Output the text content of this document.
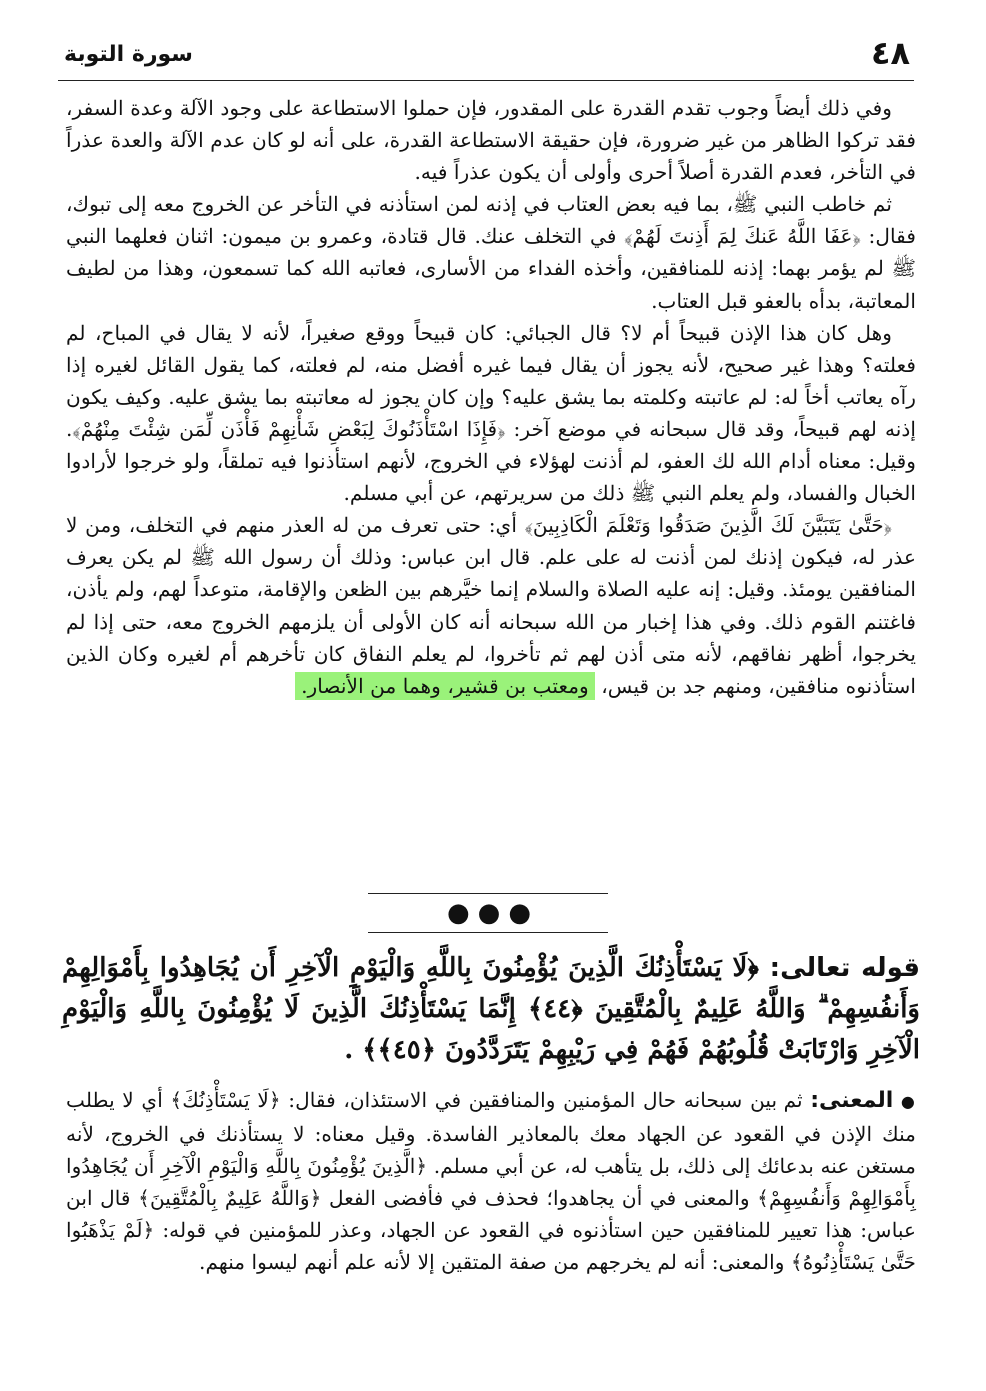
٤٨
سورة التوبة

وفي ذلك أيضاً وجوب تقدم القدرة على المقدور، فإن حملوا الاستطاعة على وجود الآلة وعدة السفر، فقد تركوا الظاهر من غير ضرورة، فإن حقيقة الاستطاعة القدرة، على أنه لو كان عدم الآلة والعدة عذراً في التأخر، فعدم القدرة أصلاً أحرى وأولى أن يكون عذراً فيه.

ثم خاطب النبي ﷺ، بما فيه بعض العتاب في إذنه لمن استأذنه في التأخر عن الخروج معه إلى تبوك، فقال: ﴿عَفَا اللَّهُ عَنكَ لِمَ أَذِنتَ لَهُمْ﴾ في التخلف عنك. قال قتادة، وعمرو بن ميمون: اثنان فعلهما النبي ﷺ لم يؤمر بهما: إذنه للمنافقين، وأخذه الفداء من الأسارى، فعاتبه الله كما تسمعون، وهذا من لطيف المعاتبة، بدأه بالعفو قبل العتاب.

وهل كان هذا الإذن قبيحاً أم لا؟ قال الجبائي: كان قبيحاً ووقع صغيراً، لأنه لا يقال في المباح، لم فعلته؟ وهذا غير صحيح، لأنه يجوز أن يقال فيما غيره أفضل منه، لم فعلته، كما يقول القائل لغيره إذا رآه يعاتب أخاً له: لم عاتبته وكلمته بما يشق عليه؟ وإن كان يجوز له معاتبته بما يشق عليه. وكيف يكون إذنه لهم قبيحاً، وقد قال سبحانه في موضع آخر: ﴿فَإِذَا اسْتَأْذَنُوكَ لِبَعْضِ شَأْنِهِمْ فَأْذَن لِّمَن شِئْتَ مِنْهُمْ﴾. وقيل: معناه أدام الله لك العفو، لم أذنت لهؤلاء في الخروج، لأنهم استأذنوا فيه تملقاً، ولو خرجوا لأرادوا الخبال والفساد، ولم يعلم النبي ﷺ ذلك من سريرتهم، عن أبي مسلم.

﴿حَتَّىٰ يَتَبَيَّنَ لَكَ الَّذِينَ صَدَقُوا وَتَعْلَمَ الْكَاذِبِينَ﴾ أي: حتى تعرف من له العذر منهم في التخلف، ومن لا عذر له، فيكون إذنك لمن أذنت له على علم. قال ابن عباس: وذلك أن رسول الله ﷺ لم يكن يعرف المنافقين يومئذ. وقيل: إنه عليه الصلاة والسلام إنما خيَّرهم بين الظعن والإقامة، متوعداً لهم، ولم يأذن، فاغتنم القوم ذلك. وفي هذا إخبار من الله سبحانه أنه كان الأولى أن يلزمهم الخروج معه، حتى إذا لم يخرجوا، أظهر نفاقهم، لأنه متى أذن لهم ثم تأخروا، لم يعلم النفاق كان تأخرهم أم لغيره وكان الذين استأذنوه منافقين، ومنهم جد بن قيس، ومعتب بن قشير، وهما من الأنصار.

●●●
قوله تعالى: ﴿لَا يَسْتَأْذِنُكَ الَّذِينَ يُؤْمِنُونَ بِاللَّهِ وَالْيَوْمِ الْآخِرِ أَن يُجَاهِدُوا بِأَمْوَالِهِمْ وَأَنفُسِهِمْ ۗ وَاللَّهُ عَلِيمٌ بِالْمُتَّقِينَ ﴿٤٤﴾ إِنَّمَا يَسْتَأْذِنُكَ الَّذِينَ لَا يُؤْمِنُونَ بِاللَّهِ وَالْيَوْمِ الْآخِرِ وَارْتَابَتْ قُلُوبُهُمْ فَهُمْ فِي رَيْبِهِمْ يَتَرَدَّدُونَ ﴿٤٥﴾﴾ .

● المعنى: ثم بين سبحانه حال المؤمنين والمنافقين في الاستئذان، فقال: ﴿لَا يَسْتَأْذِنُكَ﴾ أي لا يطلب منك الإذن في القعود عن الجهاد معك بالمعاذير الفاسدة. وقيل معناه: لا يستأذنك في الخروج، لأنه مستغن عنه بدعائك إلى ذلك، بل يتأهب له، عن أبي مسلم. ﴿الَّذِينَ يُؤْمِنُونَ بِاللَّهِ وَالْيَوْمِ الْآخِرِ أَن يُجَاهِدُوا بِأَمْوَالِهِمْ وَأَنفُسِهِمْ﴾ والمعنى في أن يجاهدوا؛ فحذف في فأفضى الفعل ﴿وَاللَّهُ عَلِيمٌ بِالْمُتَّقِينَ﴾ قال ابن عباس: هذا تعيير للمنافقين حين استأذنوه في القعود عن الجهاد، وعذر للمؤمنين في قوله: ﴿لَمْ يَذْهَبُوا حَتَّىٰ يَسْتَأْذِنُوهُ﴾ والمعنى: أنه لم يخرجهم من صفة المتقين إلا لأنه علم أنهم ليسوا منهم.
